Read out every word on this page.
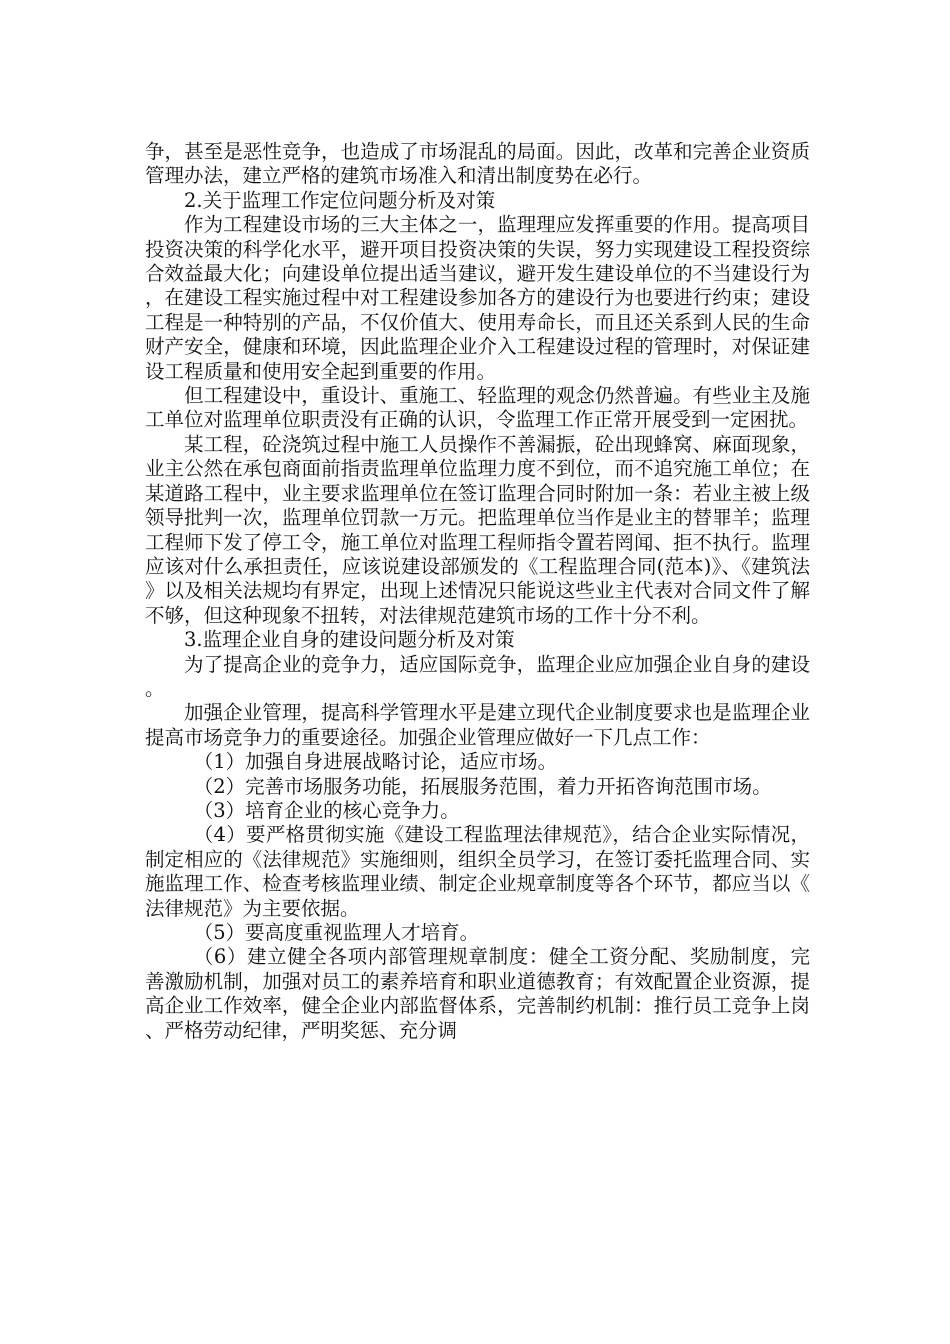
争，甚至是恶性竞争，也造成了市场混乱的局面。因此，改革和完善企业资质管理办法，建立严格的建筑市场准入和清出制度势在必行。

2.关于监理工作定位问题分析及对策

作为工程建设市场的三大主体之一，监理理应发挥重要的作用。提高项目投资决策的科学化水平，避开项目投资决策的失误，努力实现建设工程投资综合效益最大化；向建设单位提出适当建议，避开发生建设单位的不当建设行为，在建设工程实施过程中对工程建设参加各方的建设行为也要进行约束；建设工程是一种特别的产品，不仅价值大、使用寿命长，而且还关系到人民的生命财产安全，健康和环境，因此监理企业介入工程建设过程的管理时，对保证建设工程质量和使用安全起到重要的作用。

但工程建设中，重设计、重施工、轻监理的观念仍然普遍。有些业主及施工单位对监理单位职责没有正确的认识，令监理工作正常开展受到一定困扰。

某工程，砼浇筑过程中施工人员操作不善漏振，砼出现蜂窝、麻面现象，业主公然在承包商面前指责监理单位监理力度不到位，而不追究施工单位；在某道路工程中，业主要求监理单位在签订监理合同时附加一条：若业主被上级领导批判一次，监理单位罚款一万元。把监理单位当作是业主的替罪羊；监理工程师下发了停工令，施工单位对监理工程师指令置若罔闻、拒不执行。监理应该对什么承担责任，应该说建设部颁发的《工程监理合同(范本)》、《建筑法》以及相关法规均有界定，出现上述情况只能说这些业主代表对合同文件了解不够，但这种现象不扭转，对法律规范建筑市场的工作十分不利。

3.监理企业自身的建设问题分析及对策

为了提高企业的竞争力，适应国际竞争，监理企业应加强企业自身的建设。

加强企业管理，提高科学管理水平是建立现代企业制度要求也是监理企业提高市场竞争力的重要途径。加强企业管理应做好一下几点工作：

（1）加强自身进展战略讨论，适应市场。

（2）完善市场服务功能，拓展服务范围，着力开拓咨询范围市场。

（3）培育企业的核心竞争力。

（4）要严格贯彻实施《建设工程监理法律规范》，结合企业实际情况，制定相应的《法律规范》实施细则，组织全员学习，在签订委托监理合同、实施监理工作、检查考核监理业绩、制定企业规章制度等各个环节，都应当以《法律规范》为主要依据。

（5）要高度重视监理人才培育。

（6）建立健全各项内部管理规章制度：健全工资分配、奖励制度，完善激励机制，加强对员工的素养培育和职业道德教育；有效配置企业资源，提高企业工作效率，健全企业内部监督体系，完善制约机制：推行员工竞争上岗、严格劳动纪律，严明奖惩、充分调
